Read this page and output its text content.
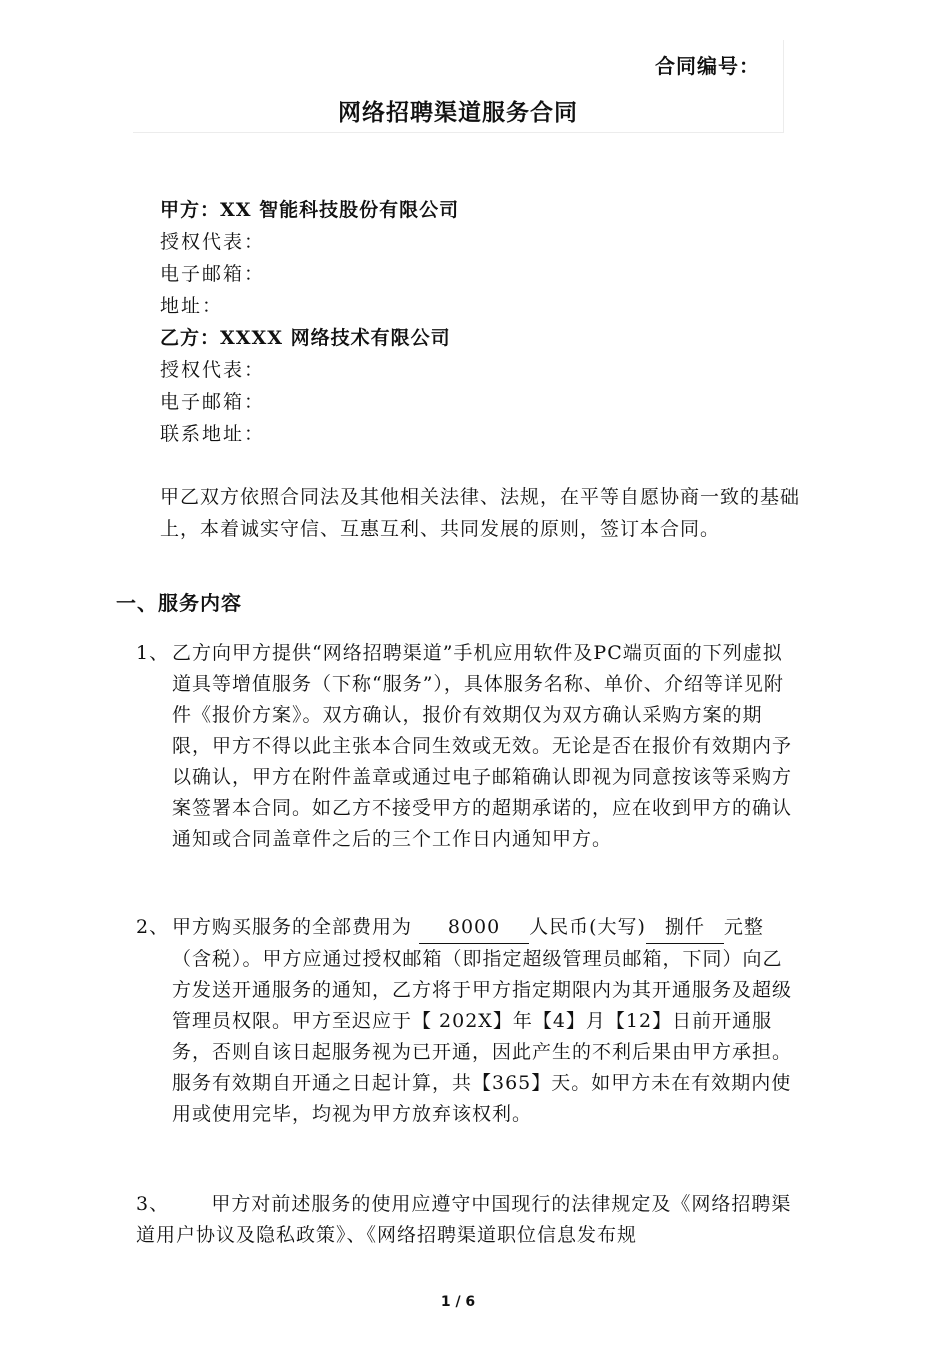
合同编号：
网络招聘渠道服务合同
甲方：XX 智能科技股份有限公司
授权代表：
电子邮箱：
地址：
乙方：XXXX 网络技术有限公司
授权代表：
电子邮箱：
联系地址：
甲乙双方依照合同法及其他相关法律、法规，在平等自愿协商一致的基础上，本着诚实守信、互惠互利、共同发展的原则，签订本合同。
一、服务内容
1、 乙方向甲方提供“网络招聘渠道”手机应用软件及PC端页面的下列虚拟道具等增值服务（下称“服务”），具体服务名称、单价、介绍等详见附件《报价方案》。双方确认，报价有效期仅为双方确认采购方案的期限，甲方不得以此主张本合同生效或无效。无论是否在报价有效期内予以确认，甲方在附件盖章或通过电子邮箱确认即视为同意按该等采购方案签署本合同。如乙方不接受甲方的超期承诺的，应在收到甲方的确认通知或合同盖章件之后的三个工作日内通知甲方。
2、 甲方购买服务的全部费用为 8000 人民币(大写) 捌仟 元整（含税）。甲方应通过授权邮箱（即指定超级管理员邮箱，下同）向乙方发送开通服务的通知，乙方将于甲方指定期限内为其开通服务及超级管理员权限。甲方至迟应于【 202X】年【4】月【12】日前开通服务，否则自该日起服务视为已开通，因此产生的不利后果由甲方承担。服务有效期自开通之日起计算，共【365】天。如甲方未在有效期内使用或使用完毕，均视为甲方放弃该权利。
3、 甲方对前述服务的使用应遵守中国现行的法律规定及《网络招聘渠道用户协议及隐私政策》、《网络招聘渠道职位信息发布规
1 / 6
